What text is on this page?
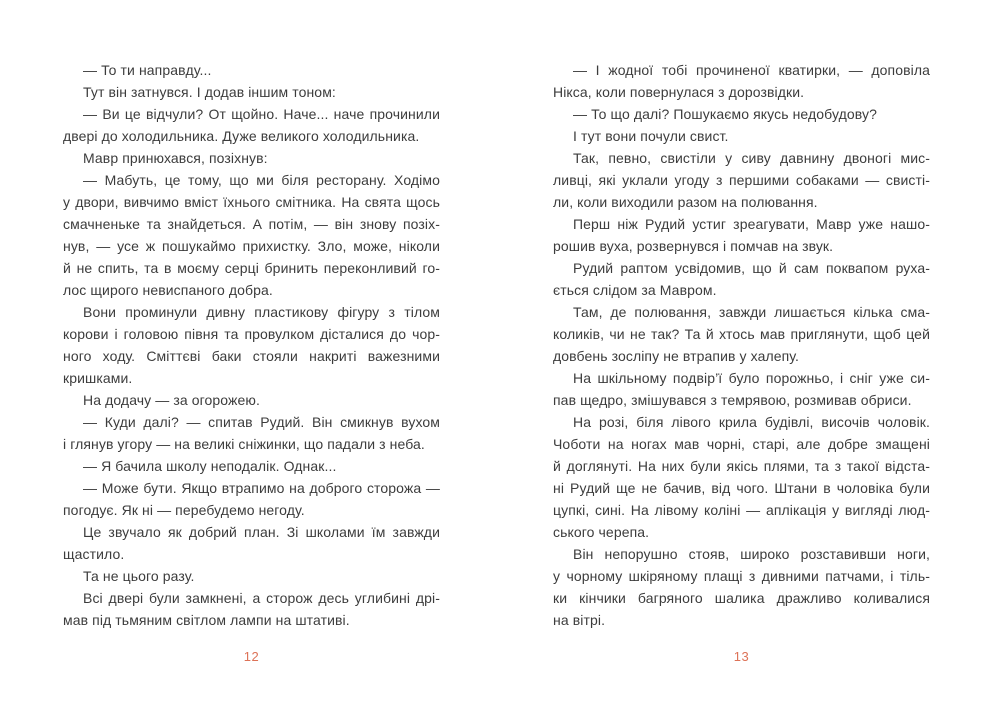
— То ти направду...
Тут він затнувся. І додав іншим тоном:
— Ви це відчули? От щойно. Наче... наче прочинили
двері до холодильника. Дуже великого холодильника.
Мавр принюхався, позіхнув:
— Мабуть, це тому, що ми біля ресторану. Ходімо
у двори, вивчимо вміст їхнього смітника. На свята щось
смачненьке та знайдеться. А потім, — він знову позіх-
нув, — усе ж пошукаймо прихистку. Зло, може, ніколи
й не спить, та в моєму серці бринить переконливий го-
лос щирого невиспаного добра.
Вони проминули дивну пластикову фігуру з тілом
корови і головою півня та провулком дісталися до чор-
ного ходу. Сміттєві баки стояли накриті важезними
кришками.
На додачу — за огорожею.
— Куди далі? — спитав Рудий. Він смикнув вухом
і глянув угору — на великі сніжинки, що падали з неба.
— Я бачила школу неподалік. Однак...
— Може бути. Якщо втрапимо на доброго сторожа —
погодує. Як ні — перебудемо негоду.
Це звучало як добрий план. Зі школами їм завжди
щастило.
Та не цього разу.
Всі двері були замкнені, а сторож десь углибині дрі-
мав під тьмяним світлом лампи на штативі.
— І жодної тобі прочиненої кватирки, — доповіла
Нікса, коли повернулася з дорозвідки.
— То що далі? Пошукаємо якусь недобудову?
І тут вони почули свист.
Так, певно, свистіли у сиву давнину двоногі мис-
ливці, які уклали угоду з першими собаками — свисті-
ли, коли виходили разом на полювання.
Перш ніж Рудий устиг зреагувати, Мавр уже нашо-
рошив вуха, розвернувся і помчав на звук.
Рудий раптом усвідомив, що й сам поквапом руха-
ється слідом за Мавром.
Там, де полювання, завжди лишається кілька сма-
коликів, чи не так? Та й хтось мав приглянути, щоб цей
довбень зосліпу не втрапив у халепу.
На шкільному подвір’ї було порожньо, і сніг уже си-
пав щедро, змішувався з темрявою, розмивав обриси.
На розі, біля лівого крила будівлі, височів чоловік.
Чоботи на ногах мав чорні, старі, але добре змащені
й доглянуті. На них були якісь плями, та з такої відста-
ні Рудий ще не бачив, від чого. Штани в чоловіка були
цупкі, сині. На лівому коліні — аплікація у вигляді люд-
ського черепа.
Він непорушно стояв, широко розставивши ноги,
у чорному шкіряному плащі з дивними патчами, і тіль-
ки кінчики багряного шалика дражливо коливалися
на вітрі.
12	13
